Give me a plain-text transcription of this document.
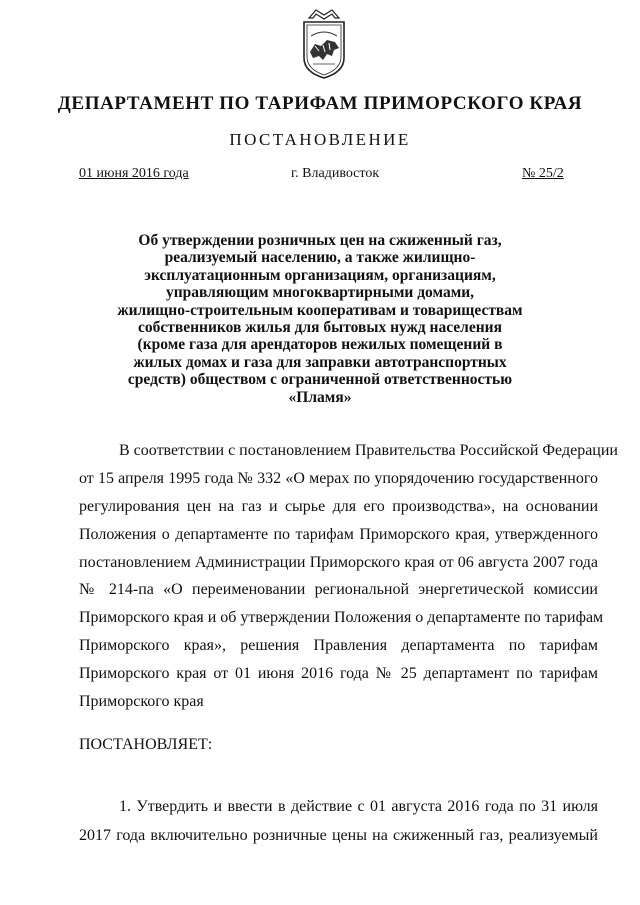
ДЕПАРТАМЕНТ ПО ТАРИФАМ ПРИМОРСКОГО КРАЯ
ПОСТАНОВЛЕНИЕ
01 июня 2016 года	г. Владивосток	№ 25/2
Об утверждении розничных цен на сжиженный газ,
реализуемый населению, а также жилищно-
эксплуатационным организациям, организациям,
управляющим многоквартирными домами,
жилищно-строительным кооперативам и товариществам
собственников жилья для бытовых нужд населения
(кроме газа для арендаторов нежилых помещений в
жилых домах и газа для заправки автотранспортных
средств) обществом с ограниченной ответственностью
«Пламя»
В соответствии с постановлением Правительства Российской Федерации
от 15 апреля 1995 года № 332 «О мерах по упорядочению государственного
регулирования цен на газ и сырье для его производства», на основании
Положения о департаменте по тарифам Приморского края, утвержденного
постановлением Администрации Приморского края от 06 августа 2007 года
№ 214-па «О переименовании региональной энергетической комиссии
Приморского края и об утверждении Положения о департаменте по тарифам
Приморского края», решения Правления департамента по тарифам
Приморского края от 01 июня 2016 года № 25 департамент по тарифам
Приморского края
ПОСТАНОВЛЯЕТ:
1. Утвердить и ввести в действие с 01 августа 2016 года по 31 июля
2017 года включительно розничные цены на сжиженный газ, реализуемый
